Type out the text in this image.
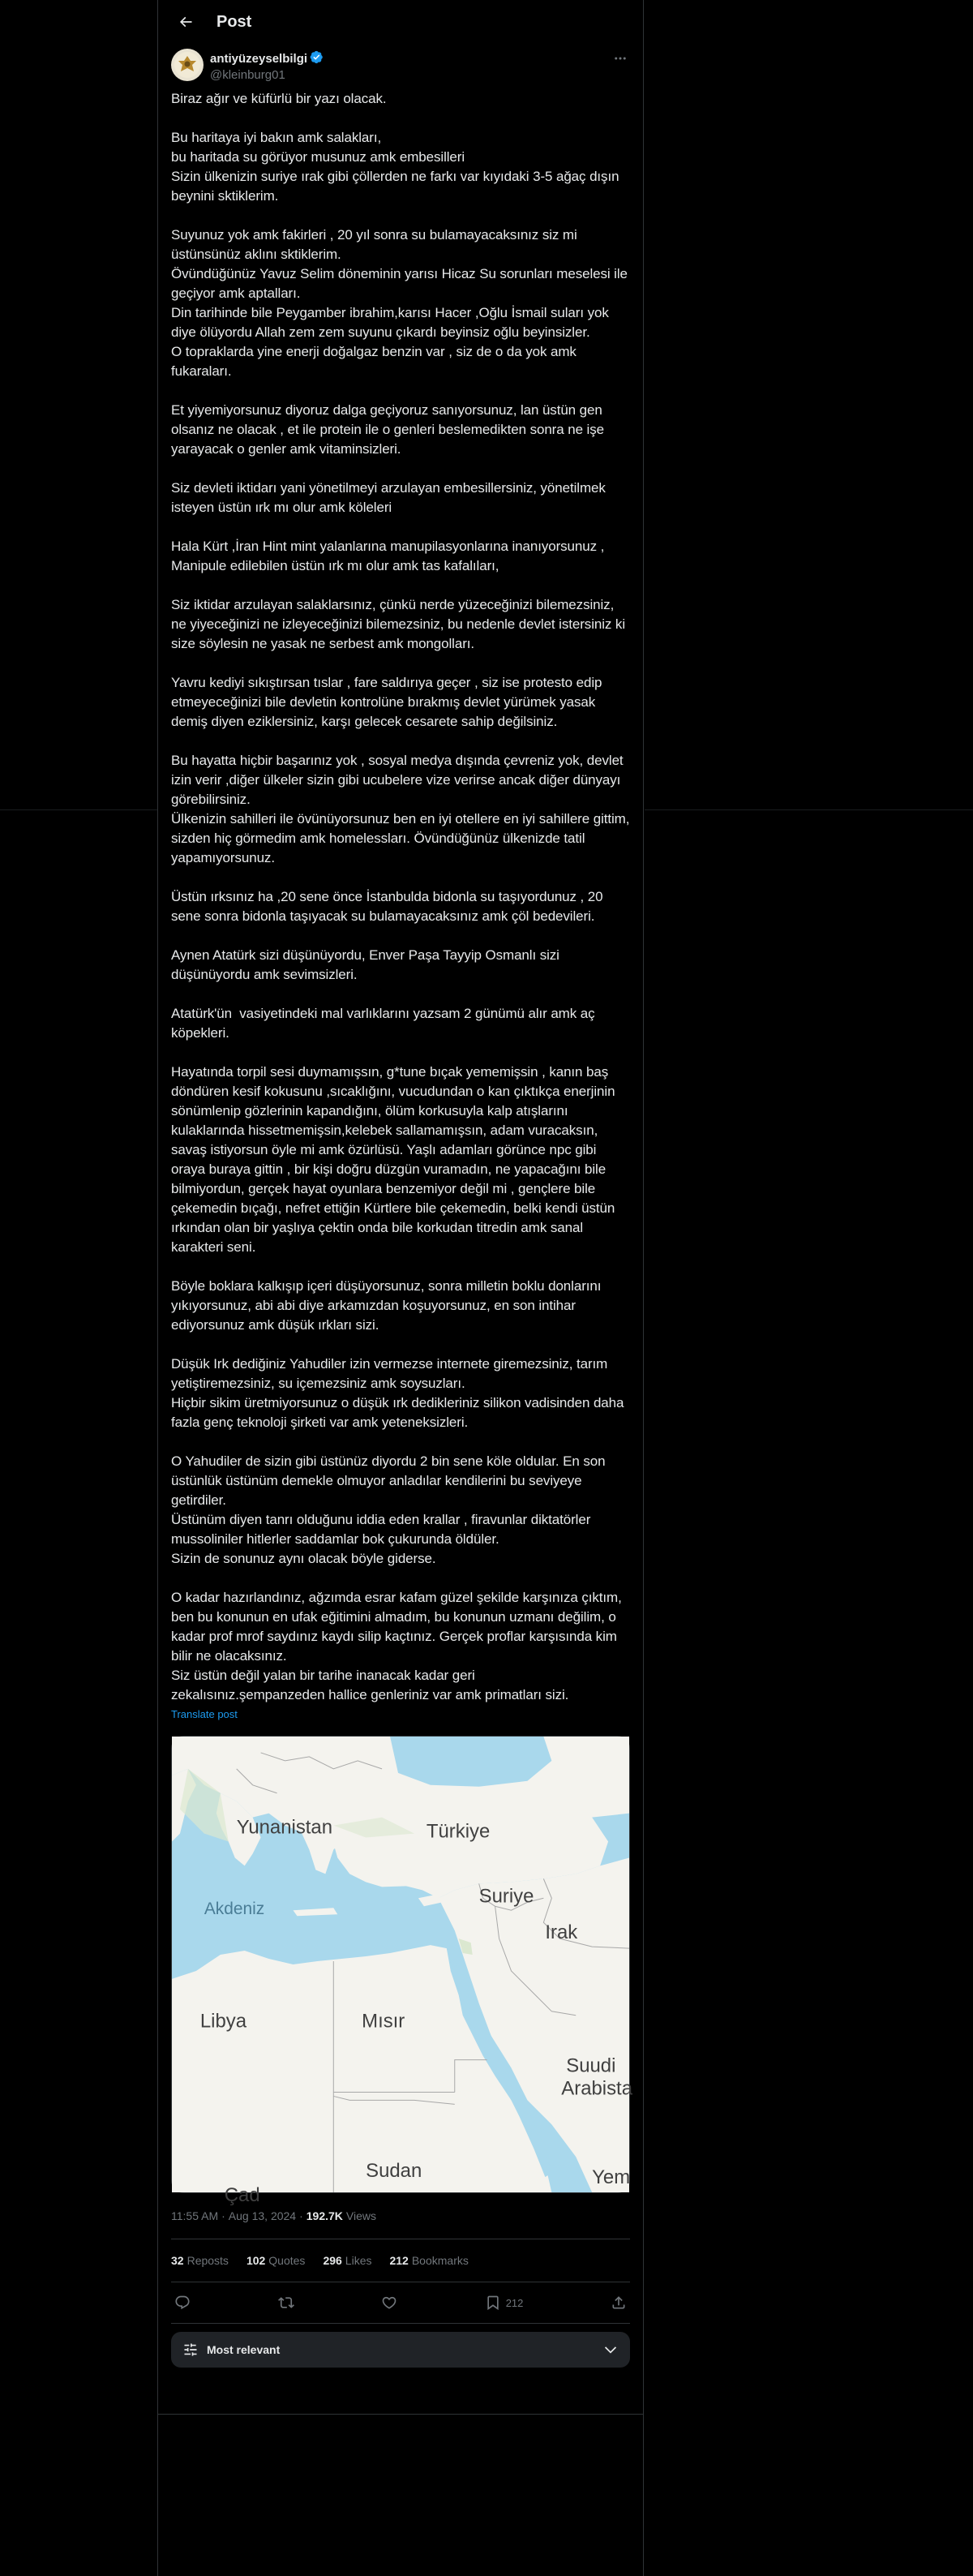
Post
antiyüzeyselbilgi
@kleinburg01
Biraz ağır ve küfürlü bir yazı olacak.

Bu haritaya iyi bakın amk salakları,
bu haritada su görüyor musunuz amk embesilleri
Sizin ülkenizin suriye ırak gibi çöllerden ne farkı var kıyıdaki 3-5 ağaç dışın beynini sktiklerim.

Suyunuz yok amk fakirleri , 20 yıl sonra su bulamayacaksınız siz mi üstünsünüz aklını sktiklerim.
Övündüğünüz Yavuz Selim döneminin yarısı Hicaz Su sorunları meselesi ile geçiyor amk aptalları.
Din tarihinde bile Peygamber ibrahim,karısı Hacer ,Oğlu İsmail suları yok diye ölüyordu Allah zem zem suyunu çıkardı beyinsiz oğlu beyinsizler.
O topraklarda yine enerji doğalgaz benzin var , siz de o da yok amk fukaraları.

Et yiyemiyorsunuz diyoruz dalga geçiyoruz sanıyorsunuz, lan üstün gen olsanız ne olacak , et ile protein ile o genleri beslemedikten sonra ne işe yarayacak o genler amk vitaminsizleri.

Siz devleti iktidarı yani yönetilmeyi arzulayan embesillersiniz, yönetilmek isteyen üstün ırk mı olur amk köleleri

Hala Kürt ,İran Hint mint yalanlarına manupilasyonlarına inanıyorsunuz ,
Manipule edilebilen üstün ırk mı olur amk tas kafalıları,

Siz iktidar arzulayan salaklarsınız, çünkü nerde yüzeceğinizi bilemezsiniz, ne yiyeceğinizi ne izleyeceğinizi bilemezsiniz, bu nedenle devlet istersiniz ki size söylesin ne yasak ne serbest amk mongolları.

Yavru kediyi sıkıştırsan tıslar , fare saldırıya geçer , siz ise protesto edip etmeyeceğinizi bile devletin kontrolüne bırakmış devlet yürümek yasak demiş diyen eziklersiniz, karşı gelecek cesarete sahip değilsiniz.

Bu hayatta hiçbir başarınız yok , sosyal medya dışında çevreniz yok, devlet izin verir ,diğer ülkeler sizin gibi ucubelere vize verirse ancak diğer dünyayı görebilirsiniz.
Ülkenizin sahilleri ile övünüyorsunuz ben en iyi otellere en iyi sahillere gittim, sizden hiç görmedim amk homelessları. Övündüğünüz ülkenizde tatil yapamıyorsunuz.

Üstün ırksınız ha ,20 sene önce İstanbulda bidonla su taşıyordunuz , 20 sene sonra bidonla taşıyacak su bulamayacaksınız amk çöl bedevileri.

Aynen Atatürk sizi düşünüyordu, Enver Paşa Tayyip Osmanlı sizi düşünüyordu amk sevimsizleri.

Atatürk'ün  vasiyetindeki mal varlıklarını yazsam 2 günümü alır amk aç köpekleri.

Hayatında torpil sesi duymamışsın, g*tune bıçak yememişsin , kanın baş döndüren kesif kokusunu ,sıcaklığını, vucudundan o kan çıktıkça enerjinin sönümlenip gözlerinin kapandığını, ölüm korkusuyla kalp atışlarını kulaklarında hissetmemişsin,kelebek sallamamışsın, adam vuracaksın, savaş istiyorsun öyle mi amk özürlüsü. Yaşlı adamları görünce npc gibi oraya buraya gittin , bir kişi doğru düzgün vuramadın, ne yapacağını bile bilmiyordun, gerçek hayat oyunlara benzemiyor değil mi , gençlere bile çekemedin bıçağı, nefret ettiğin Kürtlere bile çekemedin, belki kendi üstün ırkından olan bir yaşlıya çektin onda bile korkudan titredin amk sanal karakteri seni.

Böyle boklara kalkışıp içeri düşüyorsunuz, sonra milletin boklu donlarını yıkıyorsunuz, abi abi diye arkamızdan koşuyorsunuz, en son intihar ediyorsunuz amk düşük ırkları sizi.

Düşük Irk dediğiniz Yahudiler izin vermezse internete giremezsiniz, tarım yetiştiremezsiniz, su içemezsiniz amk soysuzları.
Hiçbir sikim üretmiyorsunuz o düşük ırk dedikleriniz silikon vadisinden daha fazla genç teknoloji şirketi var amk yeteneksizleri.

O Yahudiler de sizin gibi üstünüz diyordu 2 bin sene köle oldular. En son üstünlük üstünüm demekle olmuyor anladılar kendilerini bu seviyeye getirdiler.
Üstünüm diyen tanrı olduğunu iddia eden krallar , firavunlar diktatörler mussoliniler hitlerler saddamlar bok çukurunda öldüler.
Sizin de sonunuz aynı olacak böyle giderse.

O kadar hazırlandınız, ağzımda esrar kafam güzel şekilde karşınıza çıktım, ben bu konunun en ufak eğitimini almadım, bu konunun uzmanı değilim, o kadar prof mrof saydınız kaydı silip kaçtınız. Gerçek proflar karşısında kim bilir ne olacaksınız.
Siz üstün değil yalan bir tarihe inanacak kadar geri zekalısınız.şempanzeden hallice genleriniz var amk primatları sizi.
Translate post
Yunanistan	Türkiye
Suriye
Irak
Akdeniz
Libya	Mısır
Suudi
Arabista
Sudan	Yem
Çad
11:55 AM · Aug 13, 2024 · 192.7K Views
32 Reposts 102 Quotes 296 Likes 212 Bookmarks
212
Most relevant
